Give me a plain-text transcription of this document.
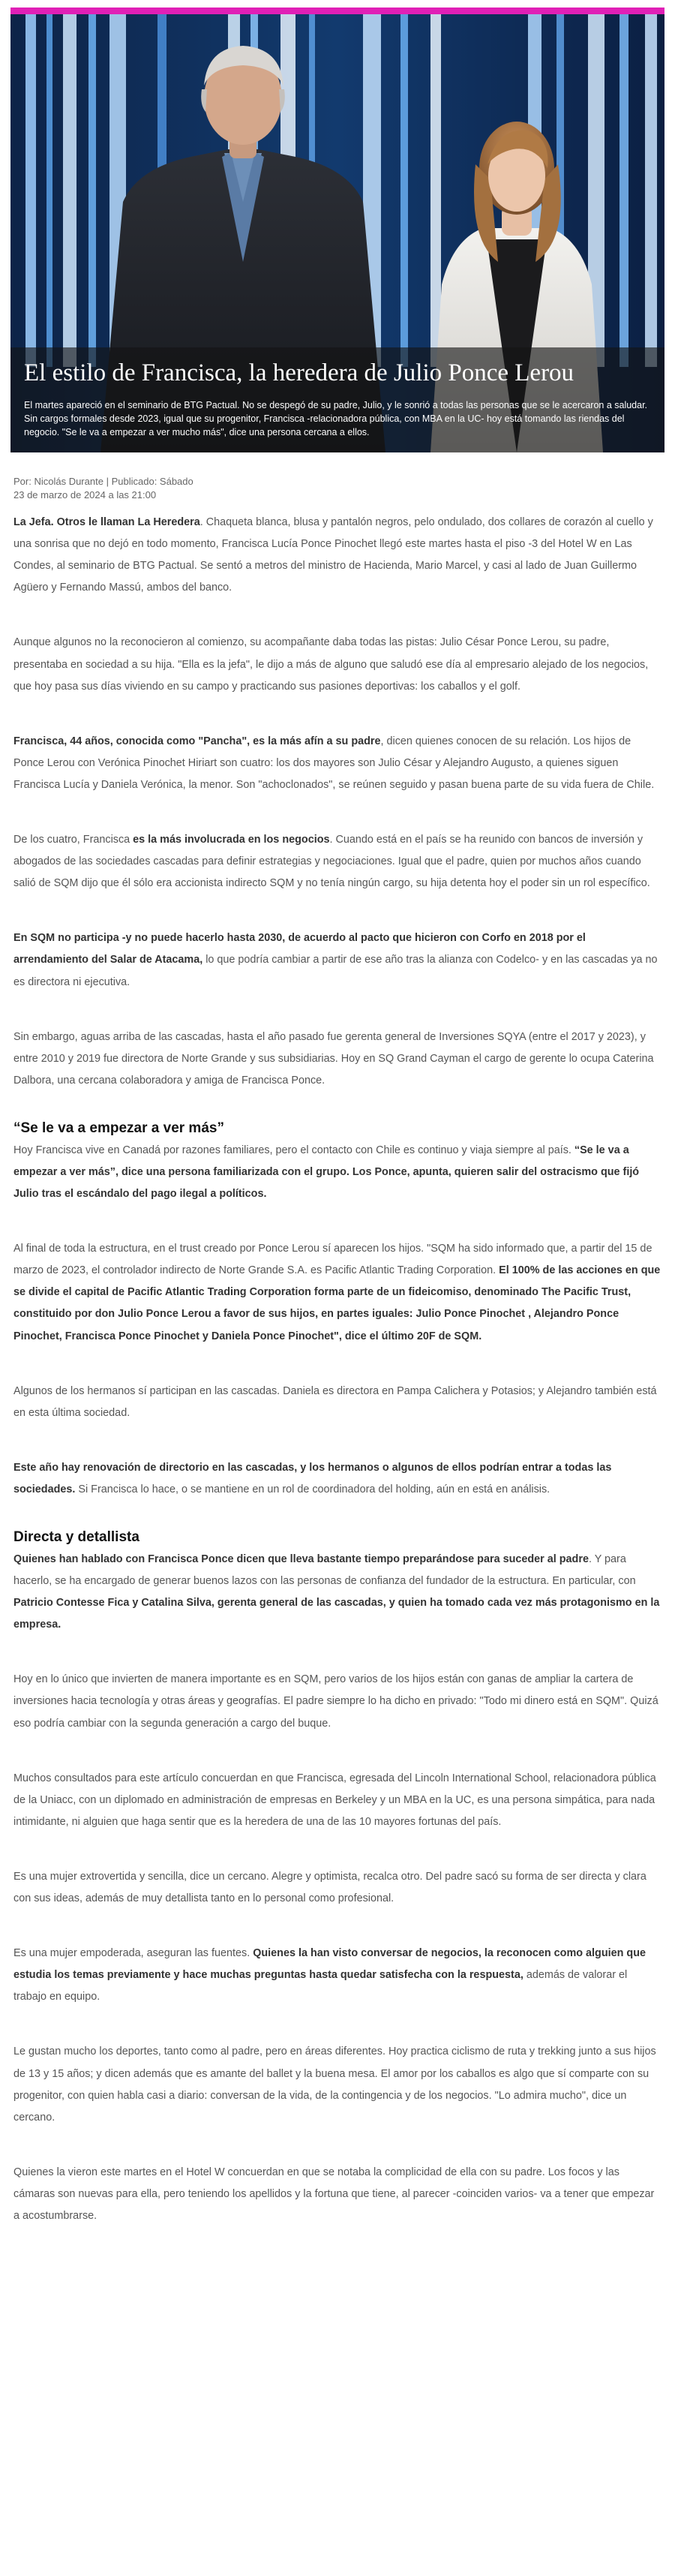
El estilo de Francisca, la heredera de Julio Ponce Lerou

El martes apareció en el seminario de BTG Pactual. No se despegó de su padre, Julio, y le sonrió a todas las personas que se le acercaron a saludar. Sin cargos formales desde 2023, igual que su progenitor, Francisca -relacionadora pública, con MBA en la UC- hoy está tomando las riendas del negocio. "Se le va a empezar a ver mucho más", dice una persona cercana a ellos.

Por: Nicolás Durante | Publicado: Sábado
23 de marzo de 2024 a las 21:00

La Jefa. Otros le llaman La Heredera. Chaqueta blanca, blusa y pantalón negros, pelo ondulado, dos collares de corazón al cuello y una sonrisa que no dejó en todo momento, Francisca Lucía Ponce Pinochet llegó este martes hasta el piso -3 del Hotel W en Las Condes, al seminario de BTG Pactual. Se sentó a metros del ministro de Hacienda, Mario Marcel, y casi al lado de Juan Guillermo Agüero y Fernando Massú, ambos del banco.

Aunque algunos no la reconocieron al comienzo, su acompañante daba todas las pistas: Julio César Ponce Lerou, su padre, presentaba en sociedad a su hija. "Ella es la jefa", le dijo a más de alguno que saludó ese día al empresario alejado de los negocios, que hoy pasa sus días viviendo en su campo y practicando sus pasiones deportivas: los caballos y el golf.

Francisca, 44 años, conocida como "Pancha", es la más afín a su padre, dicen quienes conocen de su relación. Los hijos de Ponce Lerou con Verónica Pinochet Hiriart son cuatro: los dos mayores son Julio César y Alejandro Augusto, a quienes siguen Francisca Lucía y Daniela Verónica, la menor. Son "achoclonados", se reúnen seguido y pasan buena parte de su vida fuera de Chile.

De los cuatro, Francisca es la más involucrada en los negocios. Cuando está en el país se ha reunido con bancos de inversión y abogados de las sociedades cascadas para definir estrategias y negociaciones. Igual que el padre, quien por muchos años cuando salió de SQM dijo que él sólo era accionista indirecto SQM y no tenía ningún cargo, su hija detenta hoy el poder sin un rol específico.

En SQM no participa -y no puede hacerlo hasta 2030, de acuerdo al pacto que hicieron con Corfo en 2018 por el arrendamiento del Salar de Atacama, lo que podría cambiar a partir de ese año tras la alianza con Codelco- y en las cascadas ya no es directora ni ejecutiva.

Sin embargo, aguas arriba de las cascadas, hasta el año pasado fue gerenta general de Inversiones SQYA (entre el 2017 y 2023), y entre 2010 y 2019 fue directora de Norte Grande y sus subsidiarias. Hoy en SQ Grand Cayman el cargo de gerente lo ocupa Caterina Dalbora, una cercana colaboradora y amiga de Francisca Ponce.

“Se le va a empezar a ver más”

Hoy Francisca vive en Canadá por razones familiares, pero el contacto con Chile es continuo y viaja siempre al país. “Se le va a empezar a ver más”, dice una persona familiarizada con el grupo. Los Ponce, apunta, quieren salir del ostracismo que fijó Julio tras el escándalo del pago ilegal a políticos.

Al final de toda la estructura, en el trust creado por Ponce Lerou sí aparecen los hijos. "SQM ha sido informado que, a partir del 15 de marzo de 2023, el controlador indirecto de Norte Grande S.A. es Pacific Atlantic Trading Corporation. El 100% de las acciones en que se divide el capital de Pacific Atlantic Trading Corporation forma parte de un fideicomiso, denominado The Pacific Trust, constituido por don Julio Ponce Lerou a favor de sus hijos, en partes iguales: Julio Ponce Pinochet , Alejandro Ponce Pinochet, Francisca Ponce Pinochet y Daniela Ponce Pinochet", dice el último 20F de SQM.

Algunos de los hermanos sí participan en las cascadas. Daniela es directora en Pampa Calichera y Potasios; y Alejandro también está en esta última sociedad.

Este año hay renovación de directorio en las cascadas, y los hermanos o algunos de ellos podrían entrar a todas las sociedades. Si Francisca lo hace, o se mantiene en un rol de coordinadora del holding, aún en está en análisis.

Directa y detallista

Quienes han hablado con Francisca Ponce dicen que lleva bastante tiempo preparándose para suceder al padre. Y para hacerlo, se ha encargado de generar buenos lazos con las personas de confianza del fundador de la estructura. En particular, con Patricio Contesse Fica y Catalina Silva, gerenta general de las cascadas, y quien ha tomado cada vez más protagonismo en la empresa.

Hoy en lo único que invierten de manera importante es en SQM, pero varios de los hijos están con ganas de ampliar la cartera de inversiones hacia tecnología y otras áreas y geografías. El padre siempre lo ha dicho en privado: "Todo mi dinero está en SQM". Quizá eso podría cambiar con la segunda generación a cargo del buque.

Muchos consultados para este artículo concuerdan en que Francisca, egresada del Lincoln International School, relacionadora pública de la Uniacc, con un diplomado en administración de empresas en Berkeley y un MBA en la UC, es una persona simpática, para nada intimidante, ni alguien que haga sentir que es la heredera de una de las 10 mayores fortunas del país.

Es una mujer extrovertida y sencilla, dice un cercano. Alegre y optimista, recalca otro. Del padre sacó su forma de ser directa y clara con sus ideas, además de muy detallista tanto en lo personal como profesional.

Es una mujer empoderada, aseguran las fuentes. Quienes la han visto conversar de negocios, la reconocen como alguien que estudia los temas previamente y hace muchas preguntas hasta quedar satisfecha con la respuesta, además de valorar el trabajo en equipo.

Le gustan mucho los deportes, tanto como al padre, pero en áreas diferentes. Hoy practica ciclismo de ruta y trekking junto a sus hijos de 13 y 15 años; y dicen además que es amante del ballet y la buena mesa. El amor por los caballos es algo que sí comparte con su progenitor, con quien habla casi a diario: conversan de la vida, de la contingencia y de los negocios. "Lo admira mucho", dice un cercano.

Quienes la vieron este martes en el Hotel W concuerdan en que se notaba la complicidad de ella con su padre. Los focos y las cámaras son nuevas para ella, pero teniendo los apellidos y la fortuna que tiene, al parecer -coinciden varios- va a tener que empezar a acostumbrarse.
